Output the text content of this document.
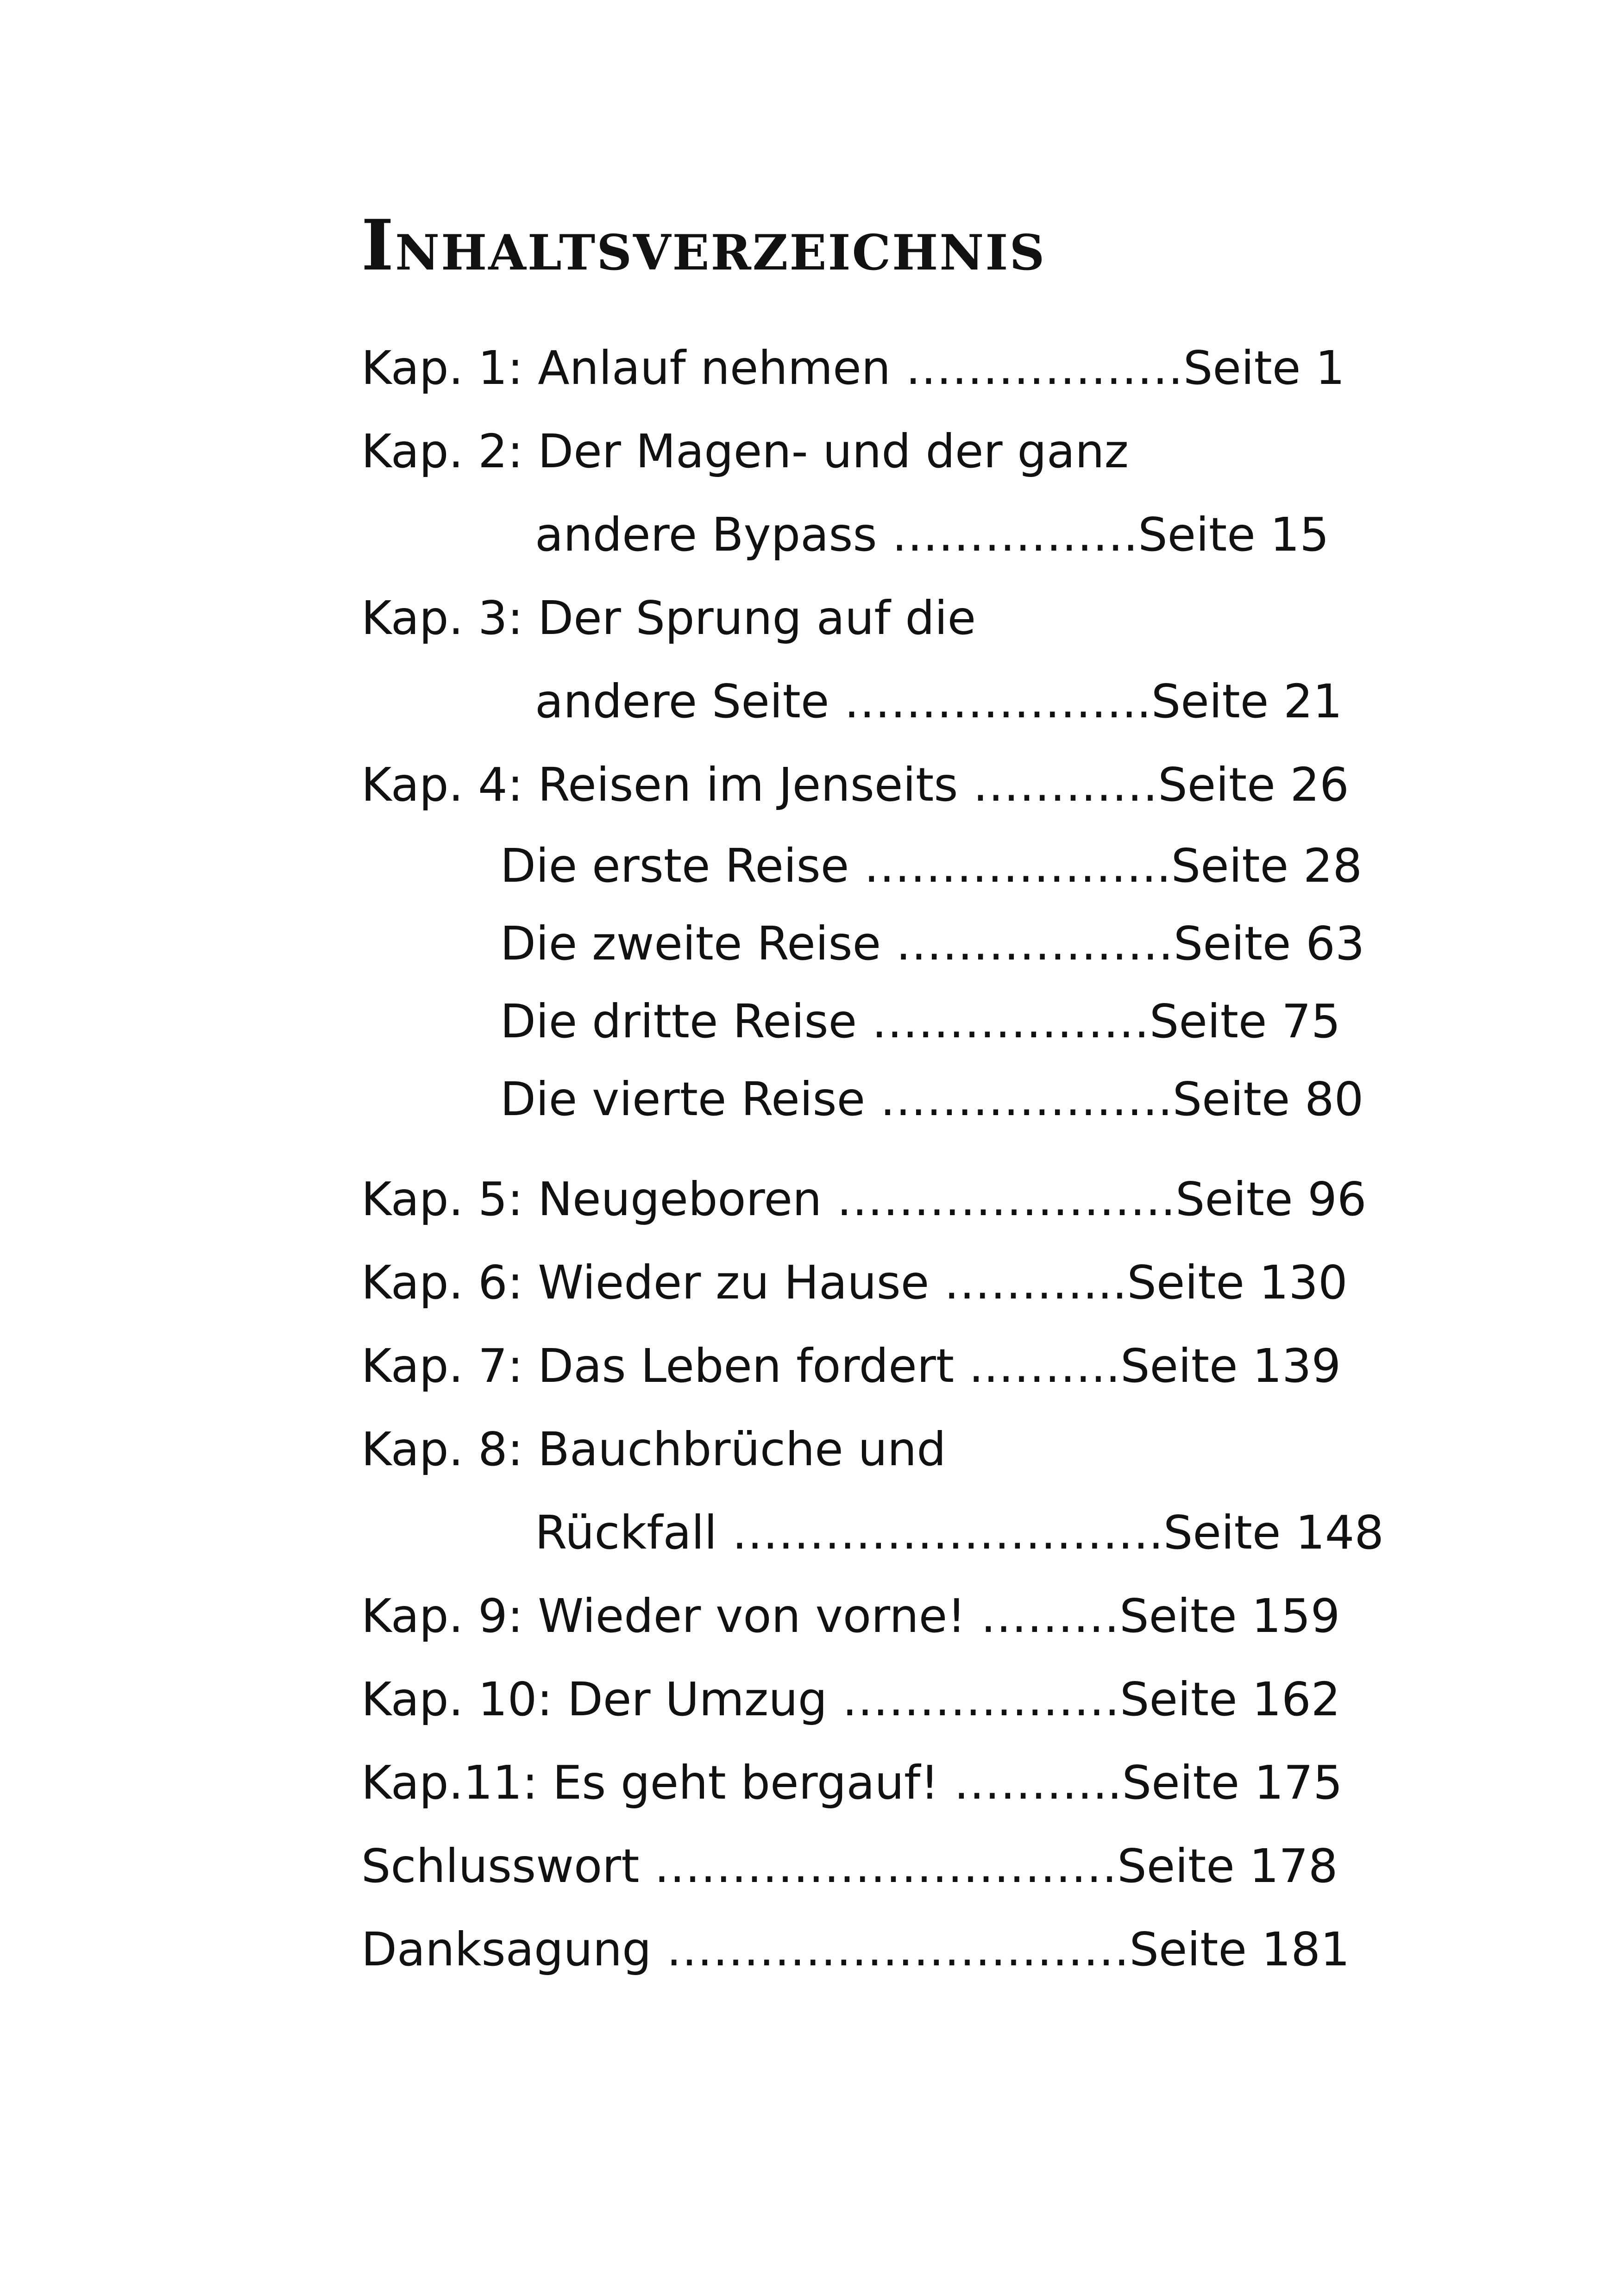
Inhaltsverzeichnis

Kap. 1: Anlauf nehmen ………………Seite 1

Kap. 2: Der Magen- und der ganz

andere Bypass …………….Seite 15

Kap. 3: Der Sprung auf die

andere Seite ………………..Seite 21

Kap. 4: Reisen im Jenseits …………Seite 26

Die erste Reise ………………..Seite 28

Die zweite Reise ………………Seite 63

Die dritte Reise ………………Seite 75

Die vierte Reise ……………….Seite 80

Kap. 5: Neugeboren ………………….Seite 96

Kap. 6: Wieder zu Hause ………...Seite 130

Kap. 7: Das Leben fordert ..……..Seite 139

Kap. 8: Bauchbrüche und

Rückfall ……………………….Seite 148

Kap. 9: Wieder von vorne! ………Seite 159

Kap. 10: Der Umzug ………………Seite 162

Kap.11: Es geht bergauf! ………..Seite 175

Schlusswort …………………………Seite 178

Danksagung …………………………Seite 181
